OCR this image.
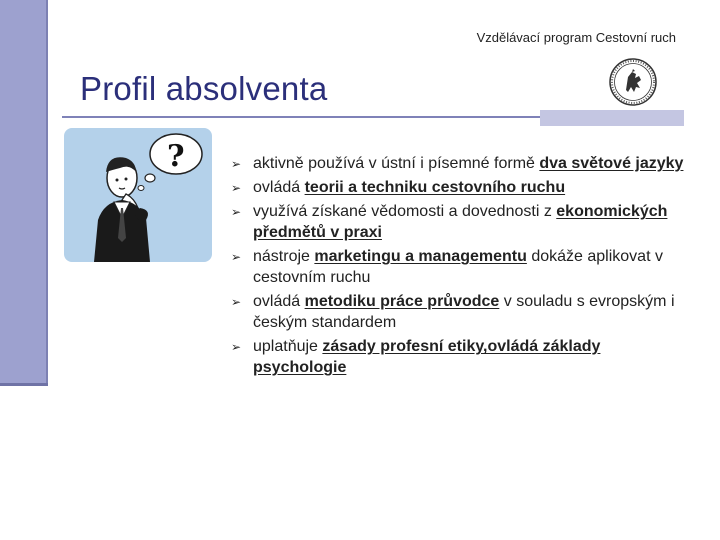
Vzdělávací program Cestovní ruch
Profil absolventa
?	➢ aktivně používá v ústní i písemné formě dva světové jazyky
➢ ovládá teorii a techniku cestovního ruchu
➢ využívá získané vědomosti a dovednosti z ekonomických předmětů v praxi
➢ nástroje marketingu a managementu dokáže aplikovat v cestovním ruchu
➢ ovládá metodiku práce průvodce v souladu s evropským i českým standardem
➢ uplatňuje zásady profesní etiky,ovládá základy psychologie
